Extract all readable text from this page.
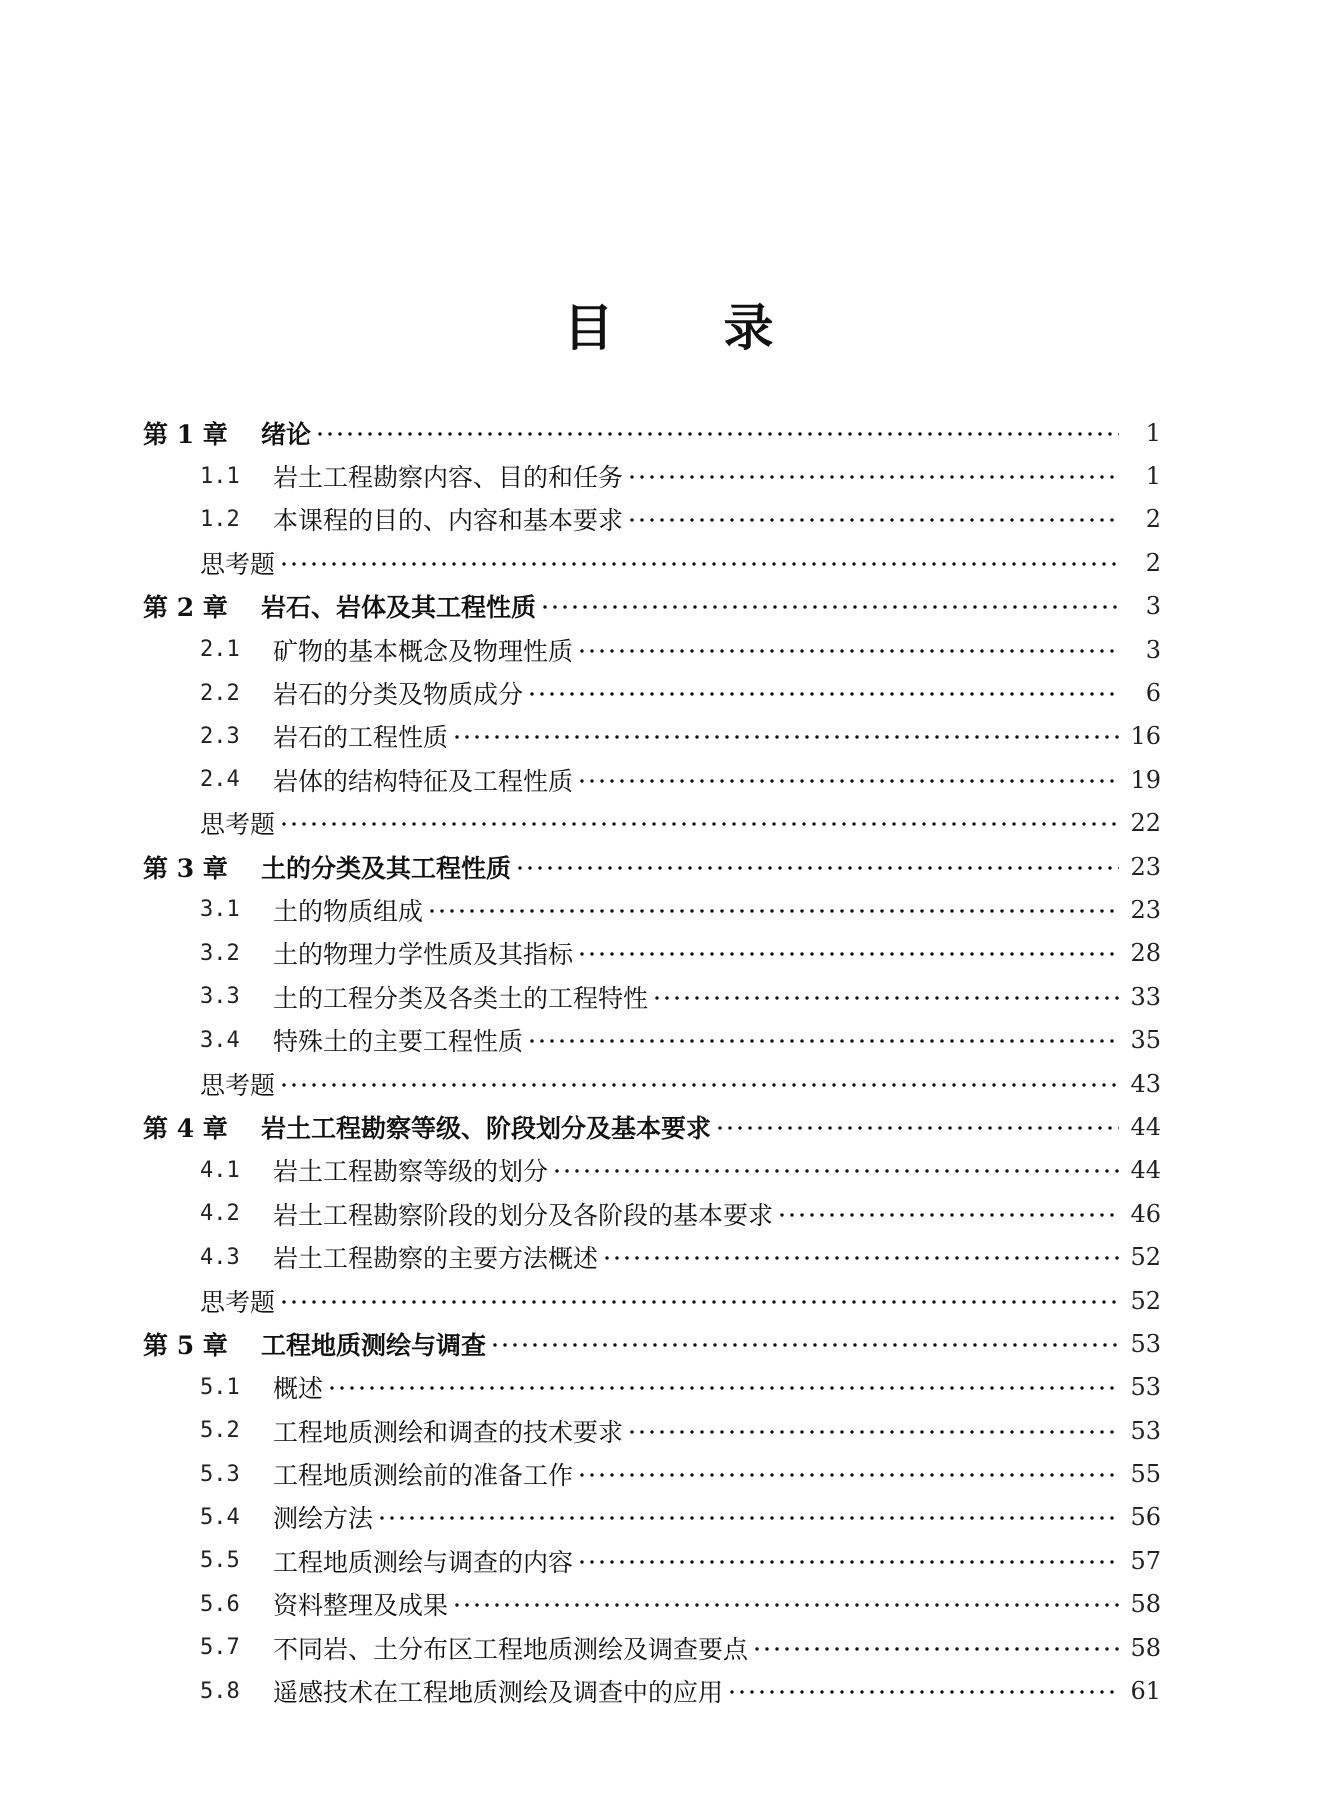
目 录
第 1 章	绪论	1
1.1	岩土工程勘察内容、目的和任务	1
1.2	本课程的目的、内容和基本要求	2
思考题	2
第 2 章	岩石、岩体及其工程性质	3
2.1	矿物的基本概念及物理性质	3
2.2	岩石的分类及物质成分	6
2.3	岩石的工程性质	16
2.4	岩体的结构特征及工程性质	19
思考题	22
第 3 章	土的分类及其工程性质	23
3.1	土的物质组成	23
3.2	土的物理力学性质及其指标	28
3.3	土的工程分类及各类土的工程特性	33
3.4	特殊土的主要工程性质	35
思考题	43
第 4 章	岩土工程勘察等级、阶段划分及基本要求	44
4.1	岩土工程勘察等级的划分	44
4.2	岩土工程勘察阶段的划分及各阶段的基本要求	46
4.3	岩土工程勘察的主要方法概述	52
思考题	52
第 5 章	工程地质测绘与调查	53
5.1	概述	53
5.2	工程地质测绘和调查的技术要求	53
5.3	工程地质测绘前的准备工作	55
5.4	测绘方法	56
5.5	工程地质测绘与调查的内容	57
5.6	资料整理及成果	58
5.7	不同岩、土分布区工程地质测绘及调查要点	58
5.8	遥感技术在工程地质测绘及调查中的应用	61
